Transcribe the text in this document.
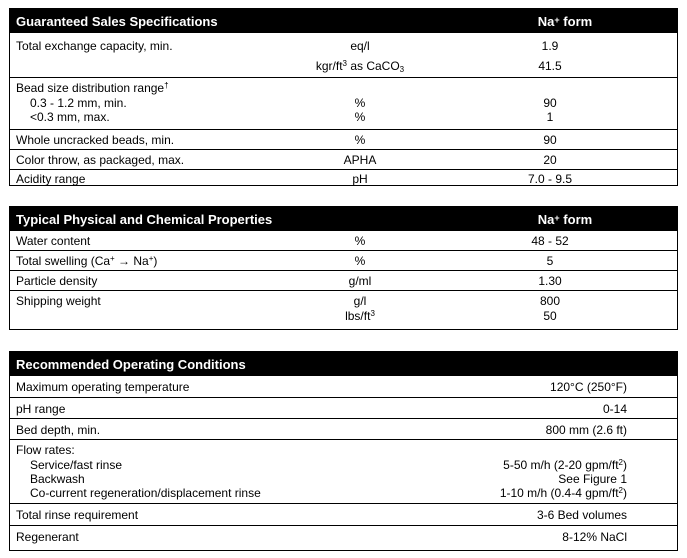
Guaranteed Sales Specifications	Na+ form
Total exchange capacity, min.	eq/l	1.9
kgr/$ft^3$ as CaCO3	41.5
Bead size distribution range†
0.3 - 1.2 mm, min.	%	90
<0.3 mm, max.	%	1
Whole uncracked beads, min.	%	90
Color throw, as packaged, max.	APHA	20
Acidity range	pH	7.0 - 9.5
Typical Physical and Chemical Properties	Na+ form
Water content	%	48 - 52
Total swelling (Ca+ → Na+)	%	5
Particle density	g/ml	1.30
Shipping weight	g/l	800
lbs/$ft^3$	50
Recommended Operating Conditions
Maximum operating temperature	120°C (250°F)
pH range	0-14
Bed depth, min.	800 mm (2.6 ft)
Flow rates:
Service/fast rinse	5-50 m/h (2-20 gpm/$ft^2$)
Backwash	See Figure 1
Co-current regeneration/displacement rinse	1-10 m/h (0.4-4 gpm/$ft^2$)
Total rinse requirement	3-6 Bed volumes
Regenerant	8-12% NaCl
